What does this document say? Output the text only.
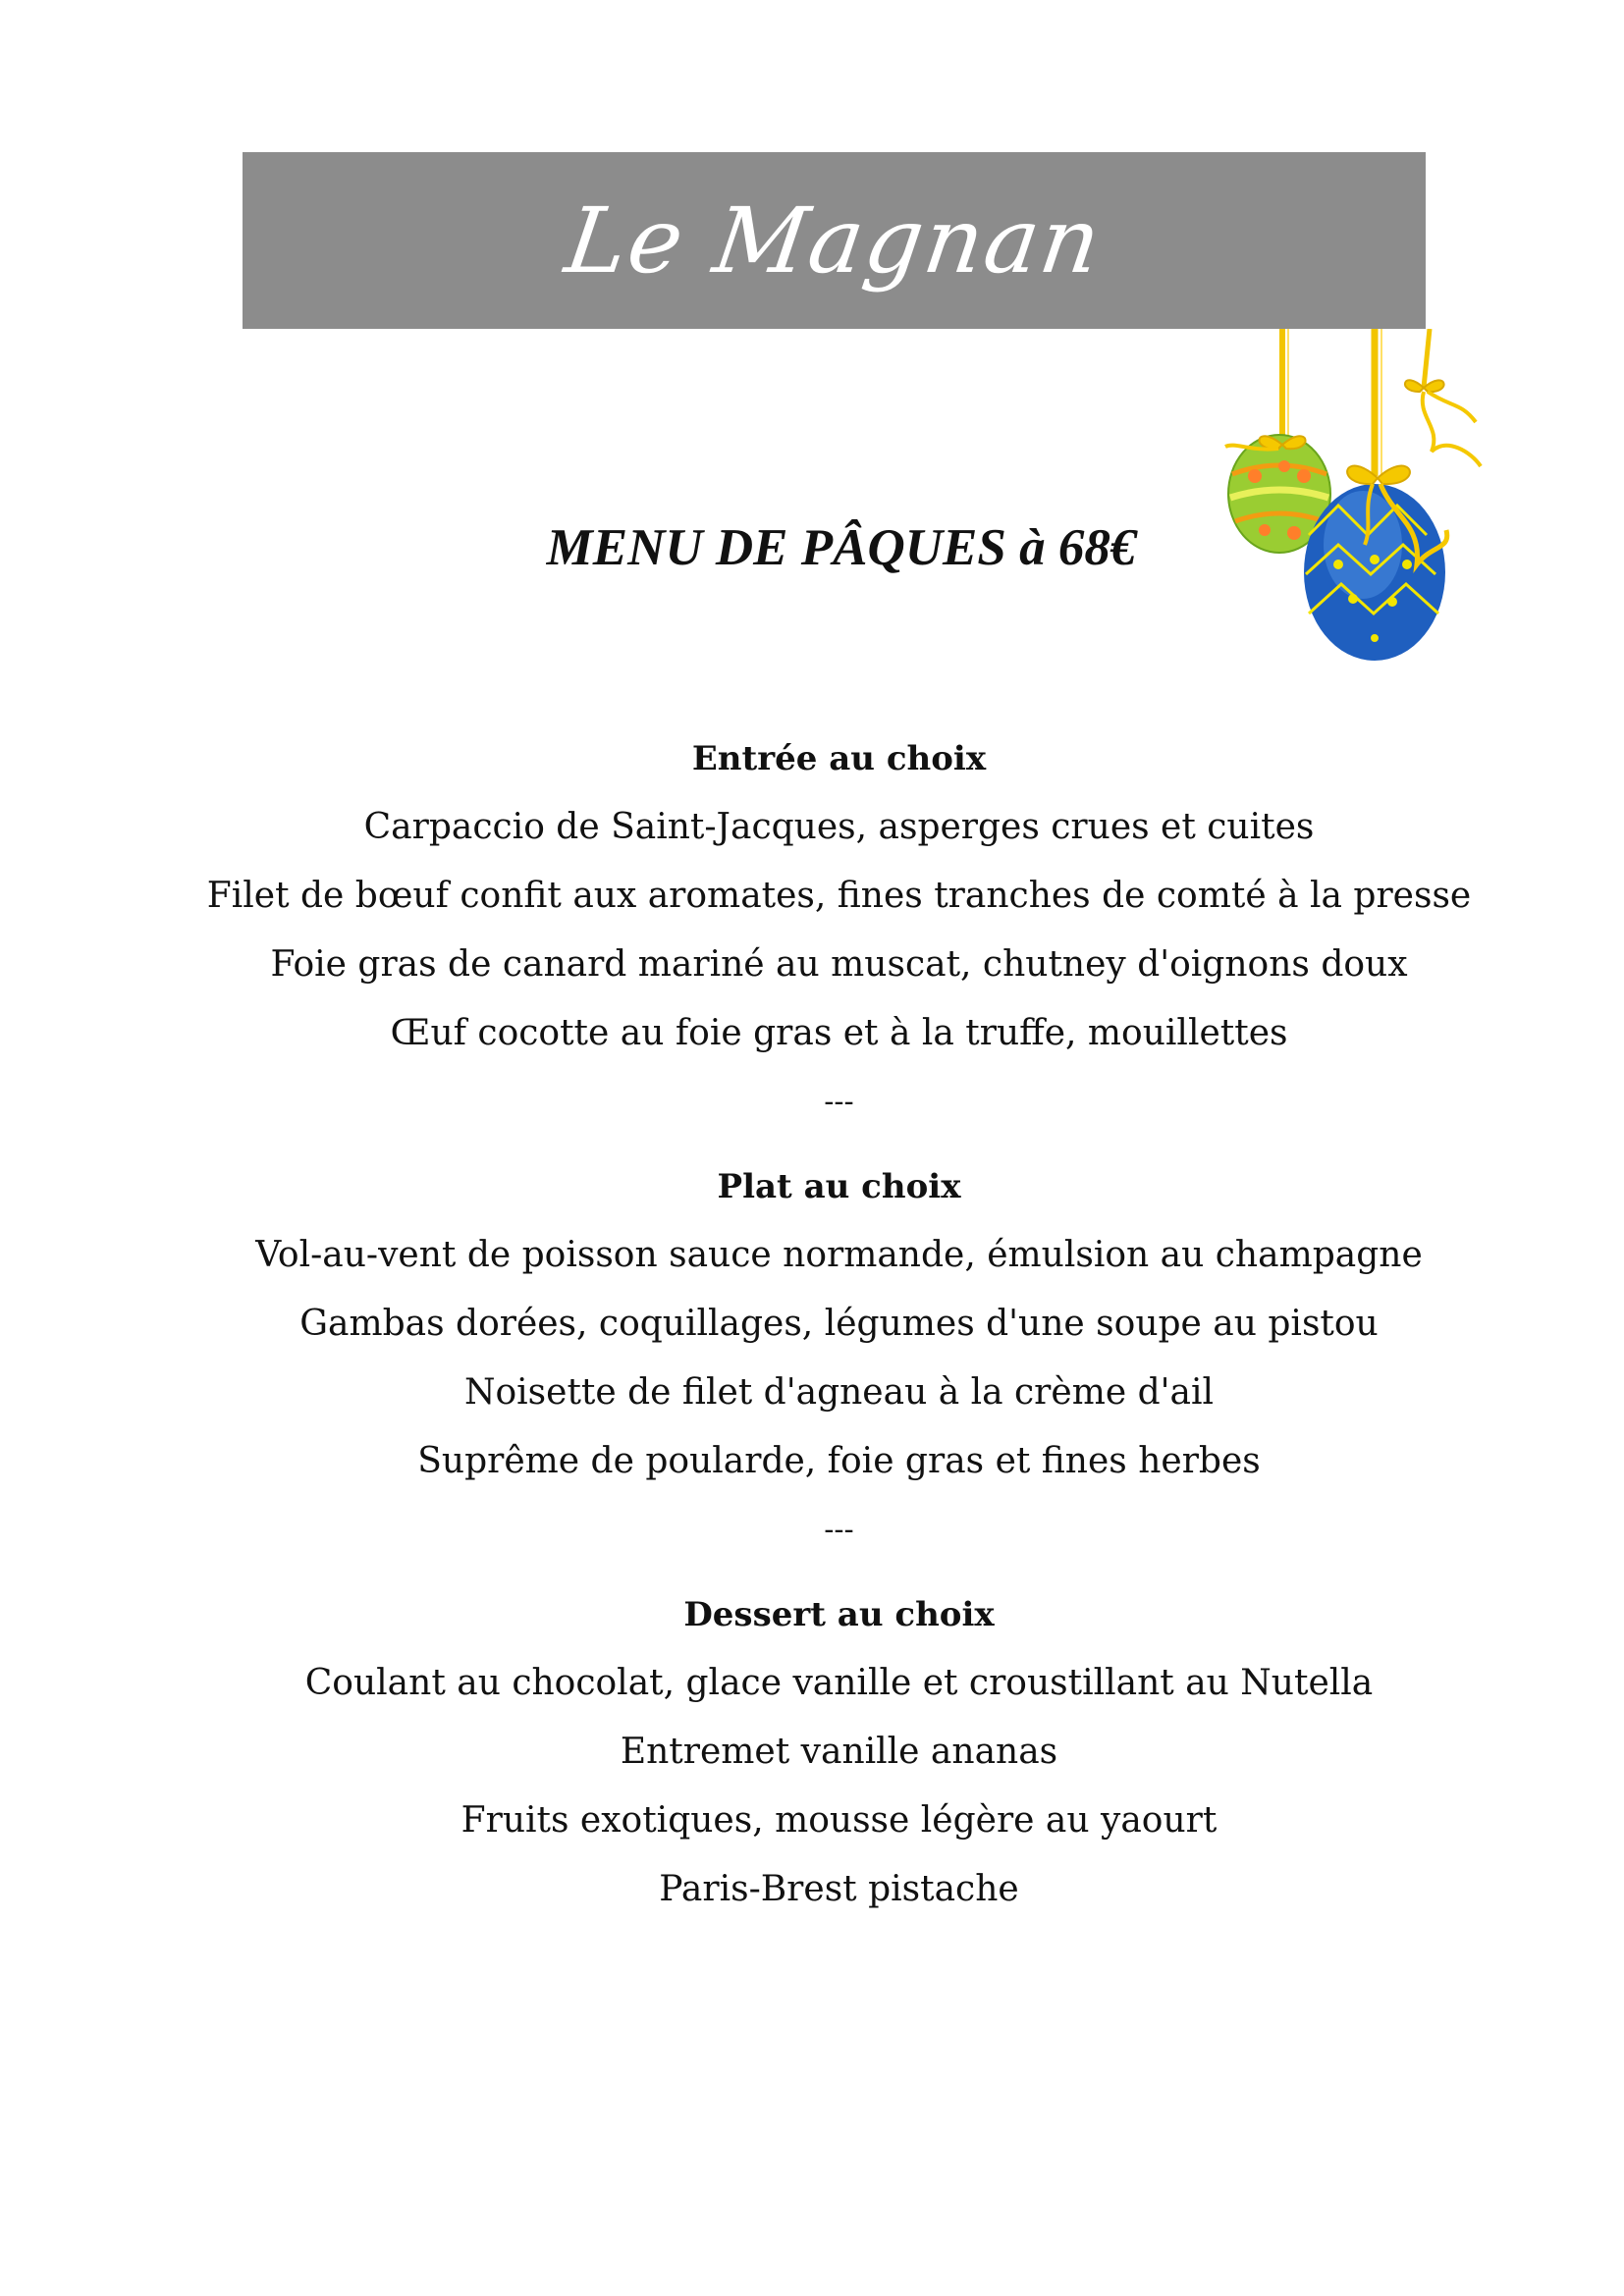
Le Magnan
MENU DE PÂQUES à 68€
Entrée au choix
Carpaccio de Saint-Jacques, asperges crues et cuites
Filet de bœuf confit aux aromates, fines tranches de comté à la presse
Foie gras de canard mariné au muscat, chutney d'oignons doux
Œuf cocotte au foie gras et à la truffe, mouillettes
---
Plat au choix
Vol-au-vent de poisson sauce normande, émulsion au champagne
Gambas dorées, coquillages, légumes d'une soupe au pistou
Noisette de filet d'agneau à la crème d'ail
Suprême de poularde, foie gras et fines herbes
---
Dessert au choix
Coulant au chocolat, glace vanille et croustillant au Nutella
Entremet vanille ananas
Fruits exotiques, mousse légère au yaourt
Paris-Brest pistache
